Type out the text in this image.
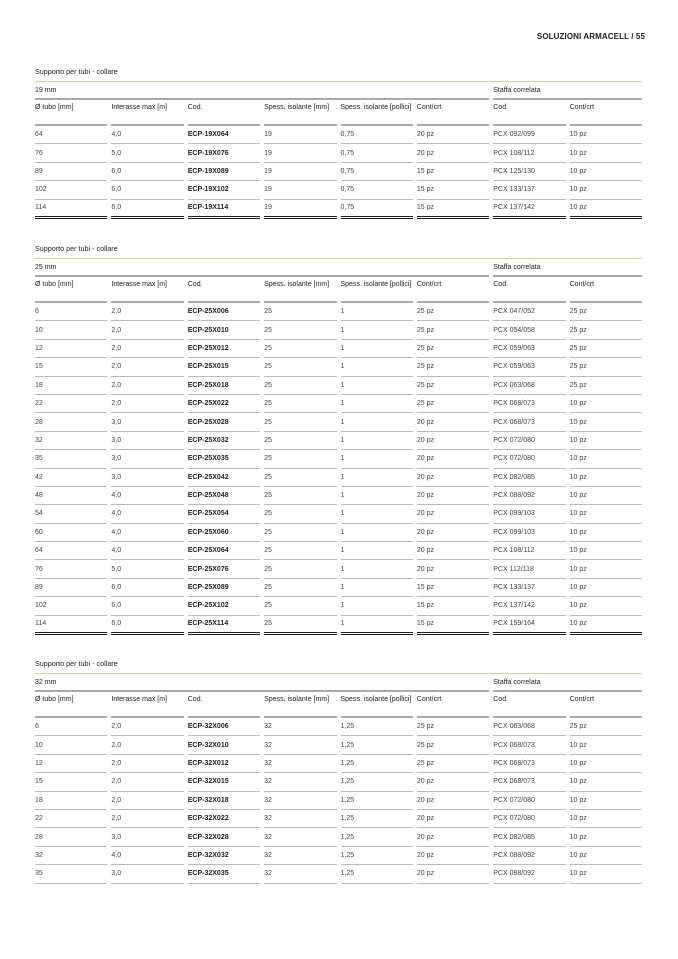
SOLUZIONI ARMACELL / 55
Supporto per tubi - collare
19 mm	Staffa correlata
Ø tubo [mm]	Interasse max [m]	Cod.	Spess. isolante [mm]	Spess. isolante [pollici] Cont/crt	Cod.	Cont/crt
64	4,0	ECP-19X064	19	0,75	20 pz	PCX 092/099	10 pz
76	5,0	ECP-19X076	19	0,75	20 pz	PCX 108/112	10 pz
89	6,0	ECP-19X089	19	0,75	15 pz	PCX 125/130	10 pz
102	6,0	ECP-19X102	19	0,75	15 pz	PCX 133/137	10 pz
114	6,0	ECP-19X114	19	0,75	15 pz	PCX 137/142	10 pz
Supporto per tubi - collare
25 mm	Staffa correlata
Ø tubo [mm]	Interasse max [m]	Cod.	Spess. isolante [mm]	Spess. isolante [pollici] Cont/crt	Cod.	Cont/crt
6	2,0	ECP-25X006	25	1	25 pz	PCX 047/052	25 pz
10	2,0	ECP-25X010	25	1	25 pz	PCX 054/058	25 pz
12	2,0	ECP-25X012	25	1	25 pz	PCX 059/063	25 pz
15	2,0	ECP-25X015	25	1	25 pz	PCX 059/063	25 pz
18	2,0	ECP-25X018	25	1	25 pz	PCX 063/068	25 pz
22	2,0	ECP-25X022	25	1	25 pz	PCX 068/073	10 pz
28	3,0	ECP-25X028	25	1	20 pz	PCX 068/073	10 pz
32	3,0	ECP-25X032	25	1	20 pz	PCX 072/080	10 pz
35	3,0	ECP-25X035	25	1	20 pz	PCX 072/080	10 pz
42	3,0	ECP-25X042	25	1	20 pz	PCX 082/085	10 pz
48	4,0	ECP-25X048	25	1	20 pz	PCX 088/092	10 pz
54	4,0	ECP-25X054	25	1	20 pz	PCX 099/103	10 pz
60	4,0	ECP-25X060	25	1	20 pz	PCX 099/103	10 pz
64	4,0	ECP-25X064	25	1	20 pz	PCX 108/112	10 pz
76	5,0	ECP-25X076	25	1	20 pz	PCX 112/118	10 pz
89	6,0	ECP-25X089	25	1	15 pz	PCX 133/137	10 pz
102	6,0	ECP-25X102	25	1	15 pz	PCX 137/142	10 pz
114	6,0	ECP-25X114	25	1	15 pz	PCX 159/164	10 pz
Supporto per tubi - collare
32 mm	Staffa correlata
Ø tubo [mm]	Interasse max [m]	Cod.	Spess. isolante [mm]	Spess. isolante [pollici] Cont/crt	Cod.	Cont/crt
6	2,0	ECP-32X006	32	1,25	25 pz	PCX 063/068	25 pz
10	2,0	ECP-32X010	32	1,25	25 pz	PCX 068/073	10 pz
12	2,0	ECP-32X012	32	1,25	25 pz	PCX 068/073	10 pz
15	2,0	ECP-32X015	32	1,25	20 pz	PCX 068/073	10 pz
18	2,0	ECP-32X018	32	1,25	20 pz	PCX 072/080	10 pz
22	2,0	ECP-32X022	32	1,25	20 pz	PCX 072/080	10 pz
28	3,0	ECP-32X028	32	1,25	20 pz	PCX 082/085	10 pz
32	4,0	ECP-32X032	32	1,25	20 pz	PCX 088/092	10 pz
35	3,0	ECP-32X035	32	1,25	20 pz	PCX 088/092	10 pz
